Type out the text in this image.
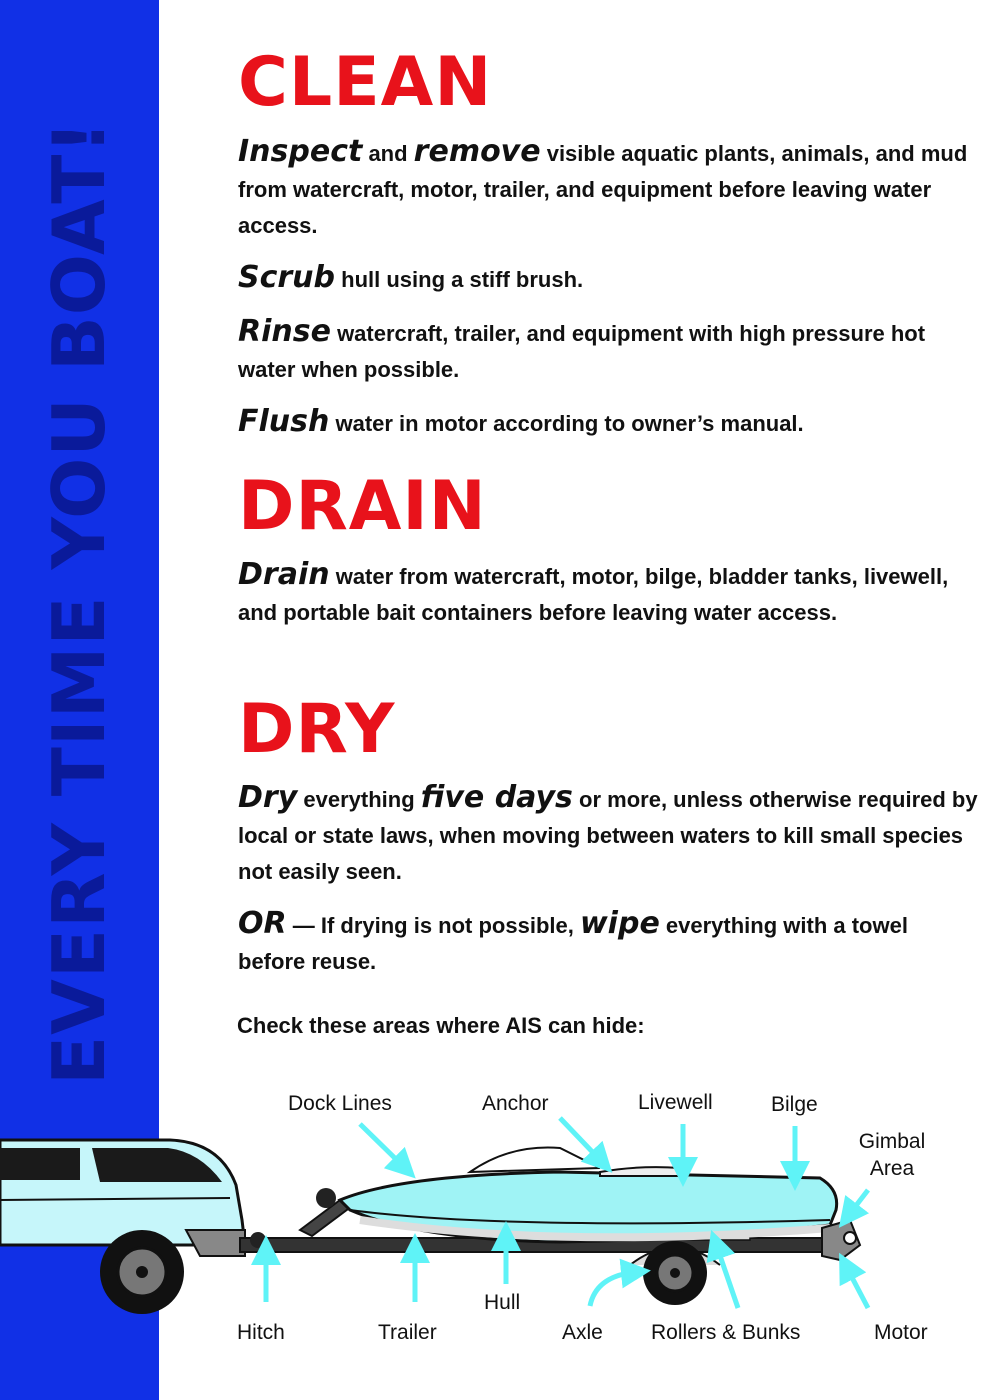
EVERY TIME YOU BOAT!
CLEAN

Inspect and remove visible aquatic plants, animals, and mud from watercraft, motor, trailer, and equipment before leaving water access.

Scrub hull using a stiff brush.

Rinse watercraft, trailer, and equipment with high pressure hot water when possible.

Flush water in motor according to owner’s manual.

DRAIN

Drain water from watercraft, motor, bilge, bladder tanks, livewell, and portable bait containers before leaving water access.

DRY

Dry everything five days or more, unless otherwise required by local or state laws, when moving between waters to kill small species not easily seen.

OR — If drying is not possible, wipe everything with a towel before reuse.

Check these areas where AIS can hide:

Dock Lines	Anchor	Livewell	Bilge
Gimbal Area
Hitch	Trailer
Hull
Axle Rollers & Bunks	Motor
